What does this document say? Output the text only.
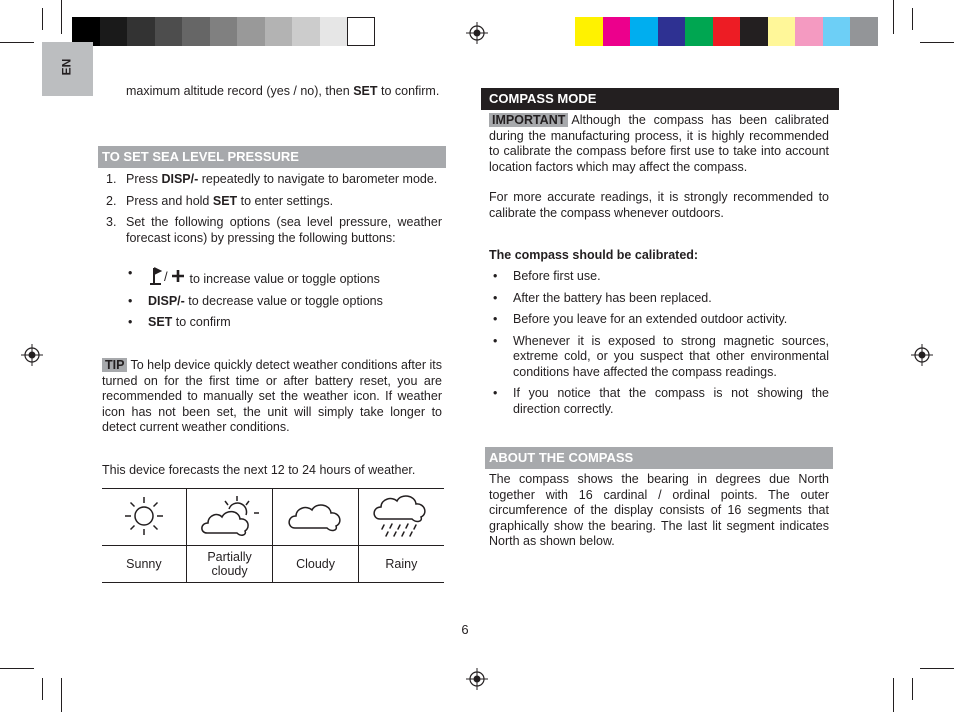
EN
maximum altitude record (yes / no), then SET to confirm.
TO SET SEA LEVEL PRESSURE
1. Press DISP/- repeatedly to navigate to barometer mode.
2. Press and hold SET to enter settings.
3. Set the following options (sea level pressure, weather forecast icons) by pressing the following buttons:
• / to increase value or toggle options
• DISP/- to decrease value or toggle options
• SET to confirm
TIP To help device quickly detect weather conditions after its turned on for the first time or after battery reset, you are recommended to manually set the weather icon. If weather icon has not been set, the unit will simply take longer to detect current weather conditions.
This device forecasts the next 12 to 24 hours of weather.

Sunny	Partially cloudy	Cloudy	Rainy
COMPASS MODE
IMPORTANT Although the compass has been calibrated during the manufacturing process, it is highly recommended to calibrate the compass before first use to take into account location factors which may affect the compass.
For more accurate readings, it is strongly recommended to calibrate the compass whenever outdoors.
The compass should be calibrated:
• Before first use.
• After the battery has been replaced.
• Before you leave for an extended outdoor activity.
• Whenever it is exposed to strong magnetic sources, extreme cold, or you suspect that other environmental conditions have affected the compass readings.
• If you notice that the compass is not showing the direction correctly.
ABOUT THE COMPASS
The compass shows the bearing in degrees due North together with 16 cardinal / ordinal points. The outer circumference of the display consists of 16 segments that graphically show the bearing. The last lit segment indicates North as shown below.
6
